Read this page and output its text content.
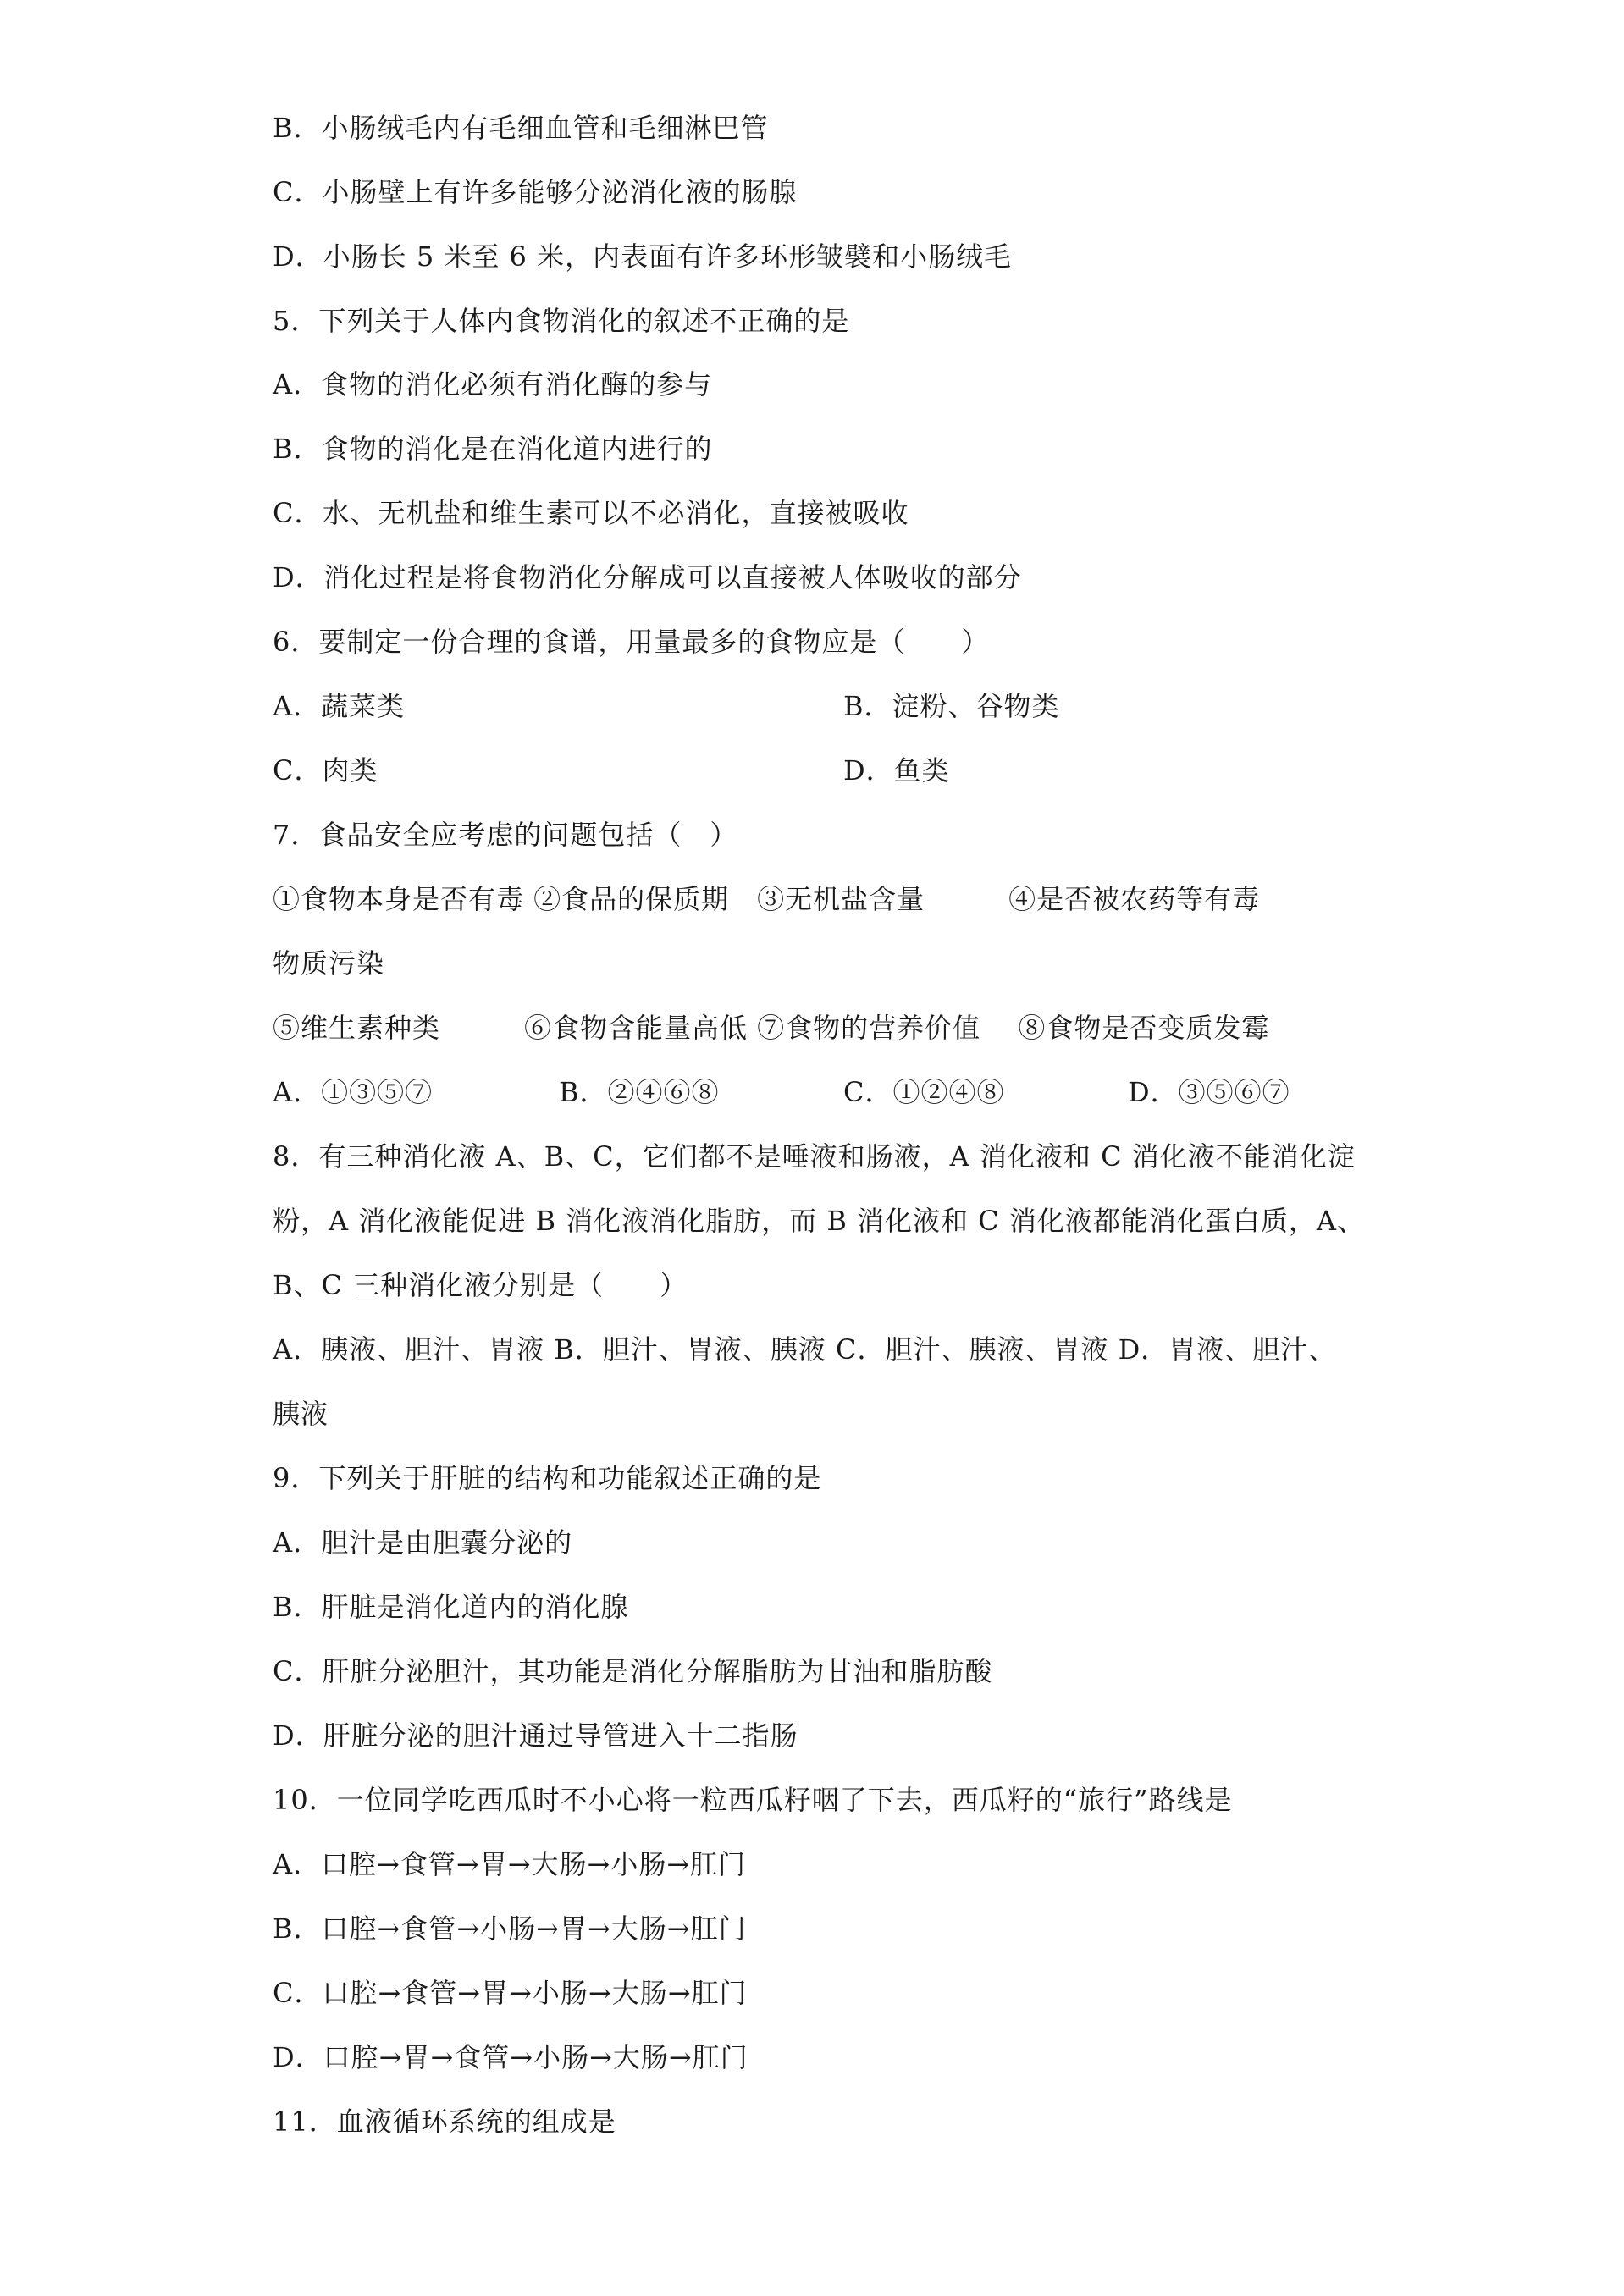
B．小肠绒毛内有毛细血管和毛细淋巴管
C．小肠壁上有许多能够分泌消化液的肠腺
D．小肠长 5 米至 6 米，内表面有许多环形皱襞和小肠绒毛
5．下列关于人体内食物消化的叙述不正确的是
A．食物的消化必须有消化酶的参与
B．食物的消化是在消化道内进行的
C．水、无机盐和维生素可以不必消化，直接被吸收
D．消化过程是将食物消化分解成可以直接被人体吸收的部分
6．要制定一份合理的食谱，用量最多的食物应是（　　）
A．蔬菜类	B．淀粉、谷物类
C．肉类	D．鱼类
7．食品安全应考虑的问题包括（　）
①食物本身是否有毒 ②食品的保质期　③无机盐含量　　　④是否被农药等有毒
物质污染
⑤维生素种类　　　⑥食物含能量高低 ⑦食物的营养价值　 ⑧食物是否变质发霉
A．①③⑤⑦	B．②④⑥⑧	C．①②④⑧	D．③⑤⑥⑦
8．有三种消化液 A、B、C，它们都不是唾液和肠液，A 消化液和 C 消化液不能消化淀
粉，A 消化液能促进 B 消化液消化脂肪，而 B 消化液和 C 消化液都能消化蛋白质，A、
B、C 三种消化液分别是（　　）
A．胰液、胆汁、胃液 B．胆汁、胃液、胰液 C．胆汁、胰液、胃液 D．胃液、胆汁、
胰液
9．下列关于肝脏的结构和功能叙述正确的是
A．胆汁是由胆囊分泌的
B．肝脏是消化道内的消化腺
C．肝脏分泌胆汁，其功能是消化分解脂肪为甘油和脂肪酸
D．肝脏分泌的胆汁通过导管进入十二指肠
10．一位同学吃西瓜时不小心将一粒西瓜籽咽了下去，西瓜籽的“旅行”路线是
A．口腔→食管→胃→大肠→小肠→肛门
B．口腔→食管→小肠→胃→大肠→肛门
C．口腔→食管→胃→小肠→大肠→肛门
D．口腔→胃→食管→小肠→大肠→肛门
11．血液循环系统的组成是
